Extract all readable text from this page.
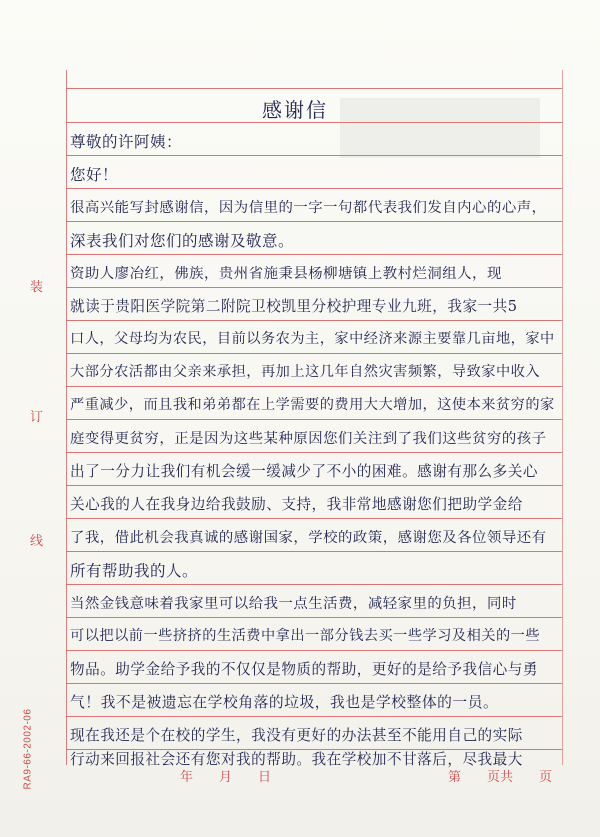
装
订
线
RA9-66-2002-06
感谢信
尊敬的许阿姨：
您好！
很高兴能写封感谢信，因为信里的一字一句都代表我们发自内心的心声，
深表我们对您们的感谢及敬意。
资助人廖冶红，佛族，贵州省施秉县杨柳塘镇上教村烂洞组人，现
就读于贵阳医学院第二附院卫校凯里分校护理专业九班，我家一共5
口人，父母均为农民，目前以务农为主，家中经济来源主要靠几亩地，家中
大部分农活都由父亲来承担，再加上这几年自然灾害频繁，导致家中收入
严重减少，而且我和弟弟都在上学需要的费用大大增加，这使本来贫穷的家
庭变得更贫穷，正是因为这些某种原因您们关注到了我们这些贫穷的孩子
出了一分力让我们有机会缓一缓减少了不小的困难。感谢有那么多关心
关心我的人在我身边给我鼓励、支持，我非常地感谢您们把助学金给
了我，借此机会我真诚的感谢国家，学校的政策，感谢您及各位领导还有
所有帮助我的人。
当然金钱意味着我家里可以给我一点生活费，减轻家里的负担，同时
可以把以前一些挤挤的生活费中拿出一部分钱去买一些学习及相关的一些
物品。助学金给予我的不仅仅是物质的帮助，更好的是给予我信心与勇
气！我不是被遗忘在学校角落的垃圾，我也是学校整体的一员。
现在我还是个在校的学生，我没有更好的办法甚至不能用自己的实际
行动来回报社会还有您对我的帮助。我在学校加不甘落后，尽我最大
年　　月　　日	第　　页共　　页
